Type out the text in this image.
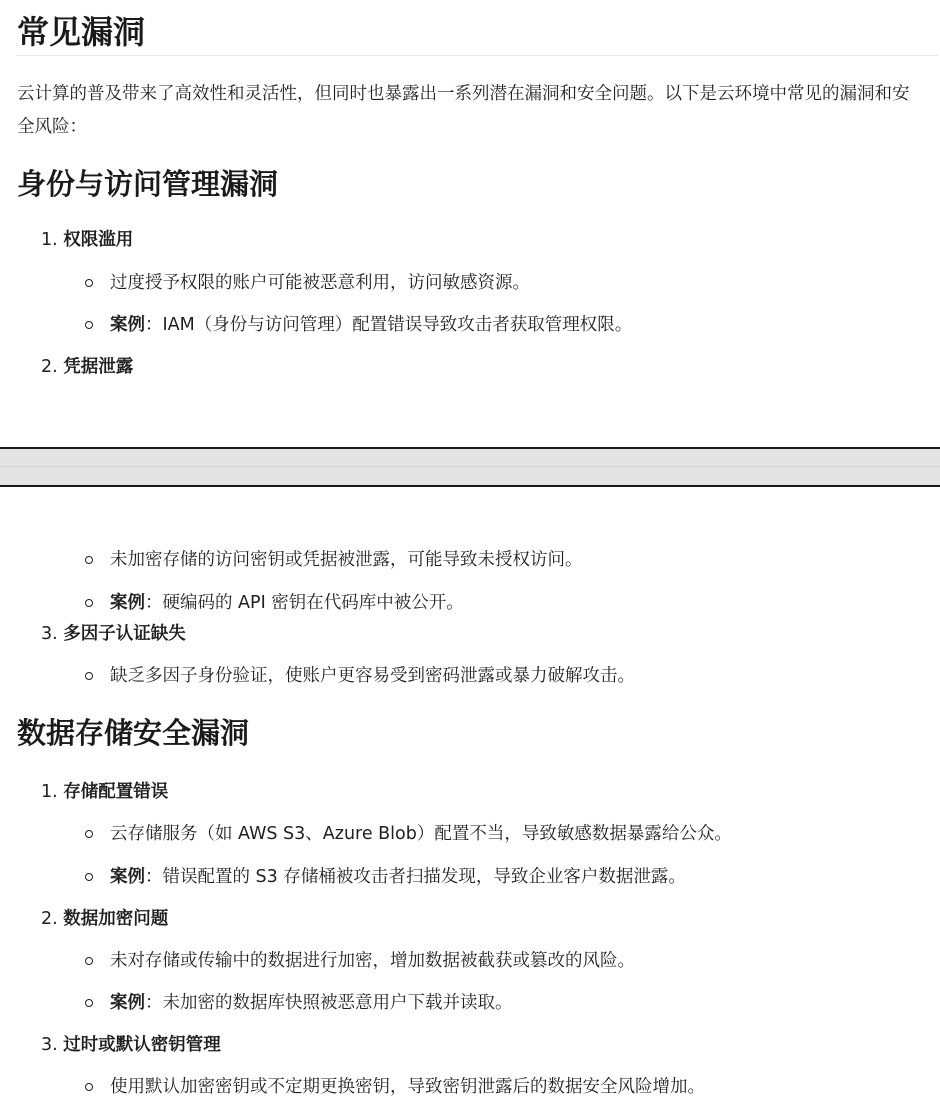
常见漏洞

云计算的普及带来了高效性和灵活性，但同时也暴露出一系列潜在漏洞和安全问题。以下是云环境中常见的漏洞和安全风险：

身份与访问管理漏洞
1. 权限滥用
过度授予权限的账户可能被恶意利用，访问敏感资源。
案例：IAM（身份与访问管理）配置错误导致攻击者获取管理权限。
2. 凭据泄露
未加密存储的访问密钥或凭据被泄露，可能导致未授权访问。
案例：硬编码的 API 密钥在代码库中被公开。
3. 多因子认证缺失
缺乏多因子身份验证，使账户更容易受到密码泄露或暴力破解攻击。
数据存储安全漏洞
1. 存储配置错误
云存储服务（如 AWS S3、Azure Blob）配置不当，导致敏感数据暴露给公众。
案例：错误配置的 S3 存储桶被攻击者扫描发现，导致企业客户数据泄露。
2. 数据加密问题
未对存储或传输中的数据进行加密，增加数据被截获或篡改的风险。
案例：未加密的数据库快照被恶意用户下载并读取。
3. 过时或默认密钥管理
使用默认加密密钥或不定期更换密钥，导致密钥泄露后的数据安全风险增加。
